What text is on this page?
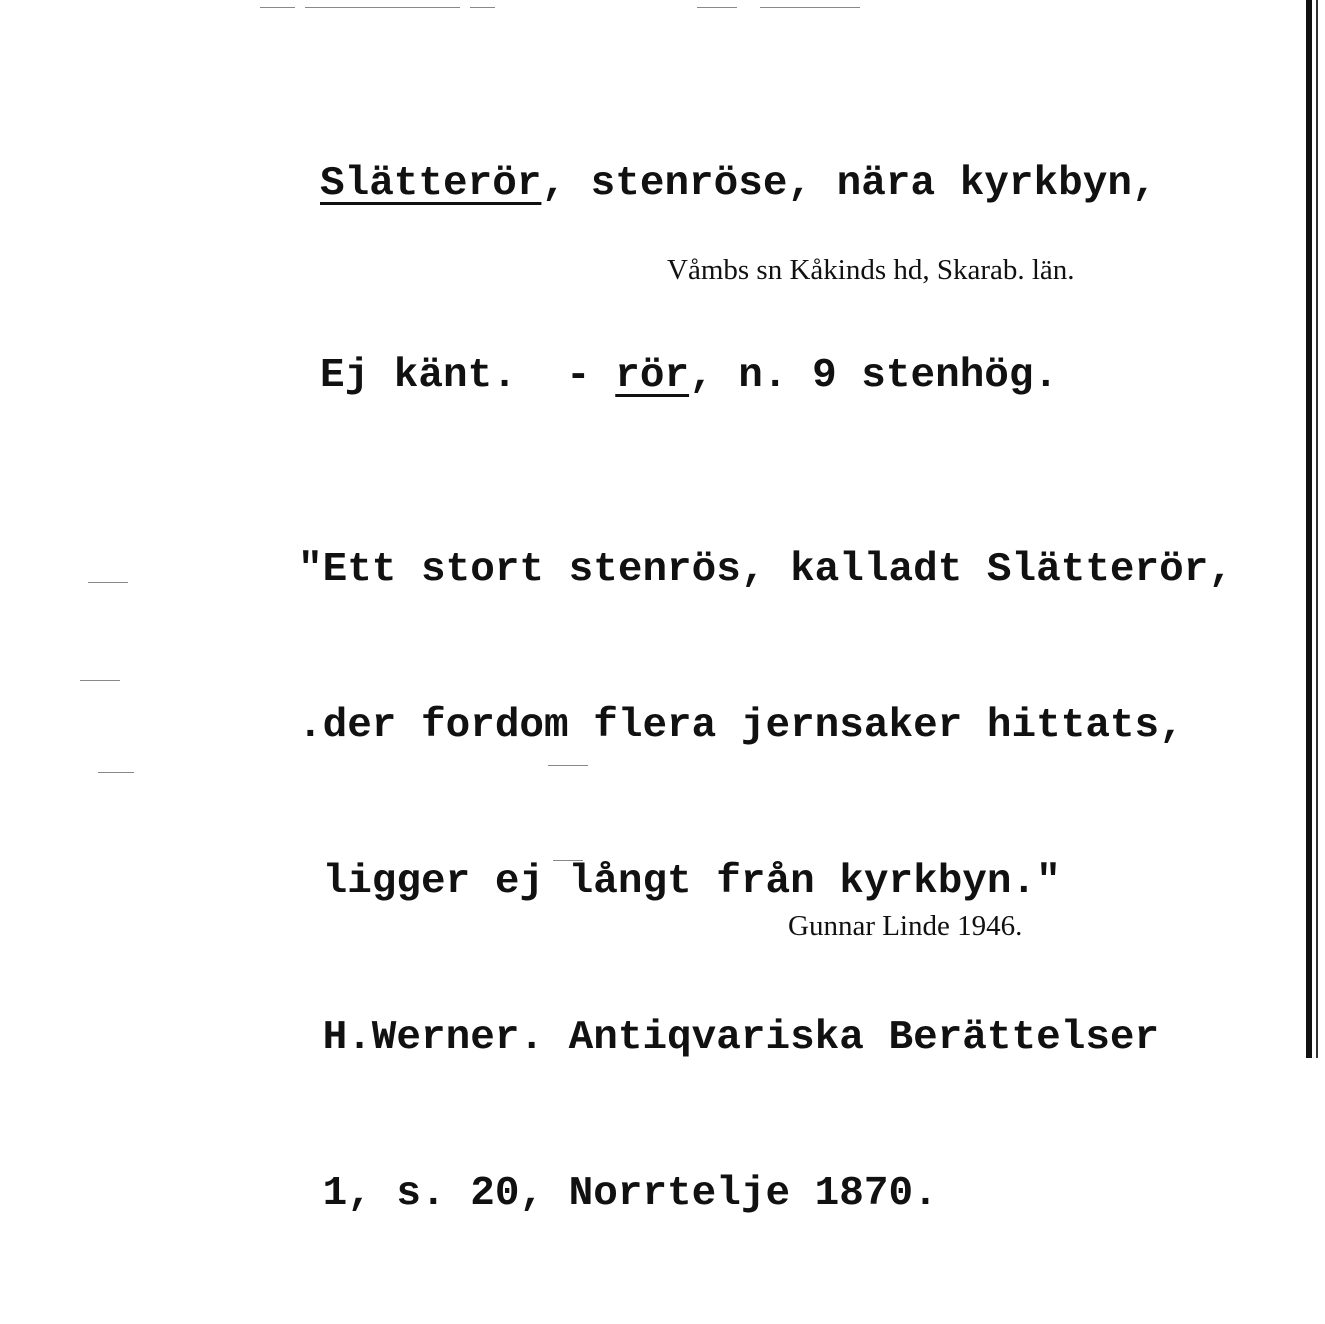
Slätterör, stenröse, nära kyrkbyn,
Våmbs sn Kåkinds hd, Skarab. län.
Ej känt.  - rör, n. 9 stenhög.

"Ett stort stenrös, kalladt Slätterör,

.der fordom flera jernsaker hittats,

ligger ej långt från kyrkbyn."

H.Werner. Antiqvariska Berättelser

1, s. 20, Norrtelje 1870.

Gunnar Linde 1946.
